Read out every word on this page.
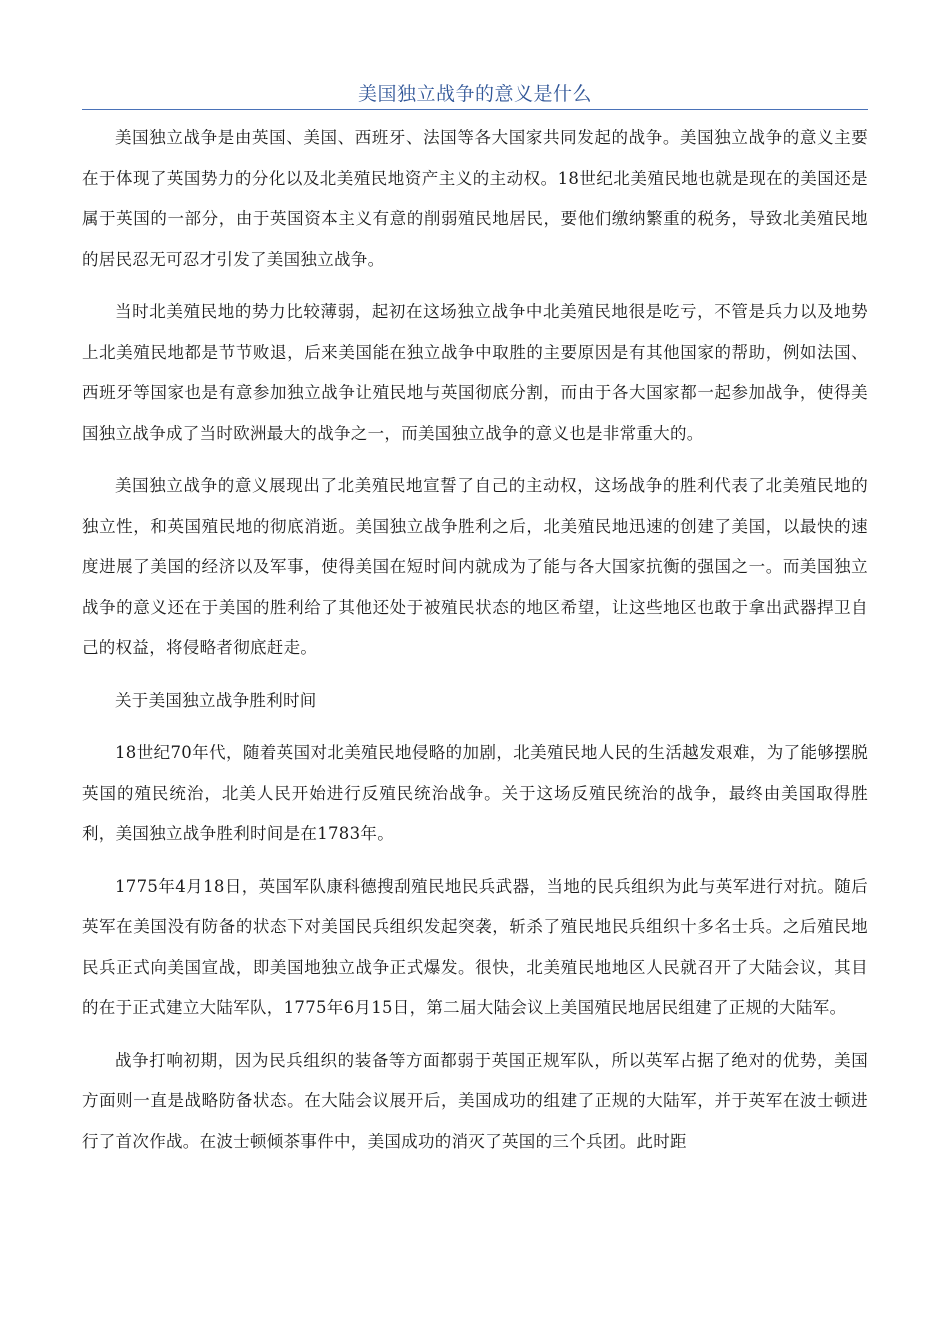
美国独立战争的意义是什么

美国独立战争是由英国、美国、西班牙、法国等各大国家共同发起的战争。美国独立战争的意义主要在于体现了英国势力的分化以及北美殖民地资产主义的主动权。18世纪北美殖民地也就是现在的美国还是属于英国的一部分，由于英国资本主义有意的削弱殖民地居民，要他们缴纳繁重的税务，导致北美殖民地的居民忍无可忍才引发了美国独立战争。

当时北美殖民地的势力比较薄弱，起初在这场独立战争中北美殖民地很是吃亏，不管是兵力以及地势上北美殖民地都是节节败退，后来美国能在独立战争中取胜的主要原因是有其他国家的帮助，例如法国、西班牙等国家也是有意参加独立战争让殖民地与英国彻底分割，而由于各大国家都一起参加战争，使得美国独立战争成了当时欧洲最大的战争之一，而美国独立战争的意义也是非常重大的。

美国独立战争的意义展现出了北美殖民地宣誓了自己的主动权，这场战争的胜利代表了北美殖民地的独立性，和英国殖民地的彻底消逝。美国独立战争胜利之后，北美殖民地迅速的创建了美国，以最快的速度进展了美国的经济以及军事，使得美国在短时间内就成为了能与各大国家抗衡的强国之一。而美国独立战争的意义还在于美国的胜利给了其他还处于被殖民状态的地区希望，让这些地区也敢于拿出武器捍卫自己的权益，将侵略者彻底赶走。

关于美国独立战争胜利时间

18世纪70年代，随着英国对北美殖民地侵略的加剧，北美殖民地人民的生活越发艰难，为了能够摆脱英国的殖民统治，北美人民开始进行反殖民统治战争。关于这场反殖民统治的战争，最终由美国取得胜利，美国独立战争胜利时间是在1783年。

1775年4月18日，英国军队康科德搜刮殖民地民兵武器，当地的民兵组织为此与英军进行对抗。随后英军在美国没有防备的状态下对美国民兵组织发起突袭，斩杀了殖民地民兵组织十多名士兵。之后殖民地民兵正式向美国宣战，即美国地独立战争正式爆发。很快，北美殖民地地区人民就召开了大陆会议，其目的在于正式建立大陆军队，1775年6月15日，第二届大陆会议上美国殖民地居民组建了正规的大陆军。

战争打响初期，因为民兵组织的装备等方面都弱于英国正规军队，所以英军占据了绝对的优势，美国方面则一直是战略防备状态。在大陆会议展开后，美国成功的组建了正规的大陆军，并于英军在波士顿进行了首次作战。在波士顿倾茶事件中，美国成功的消灭了英国的三个兵团。此时距
